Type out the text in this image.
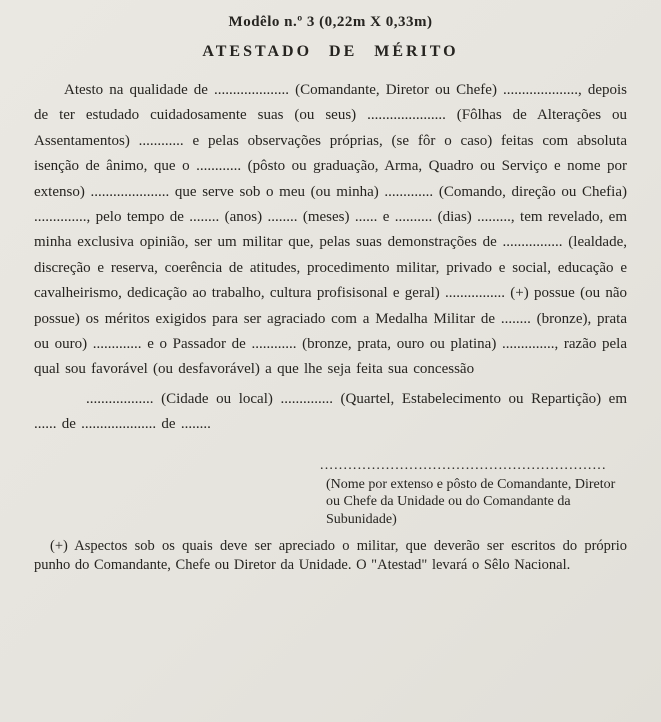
Modêlo n.º 3 (0,22m X 0,33m)
ATESTADO DE MÉRITO

Atesto na qualidade de .................... (Comandante, Diretor ou Chefe) ...................., depois de ter estudado cuidadosamente suas (ou seus) ..................... (Fôlhas de Alterações ou Assentamentos) ............ e pelas observações próprias, (se fôr o caso) feitas com absoluta isenção de ânimo, que o ............ (pôsto ou graduação, Arma, Quadro ou Serviço e nome por extenso) ..................... que serve sob o meu (ou minha) ............. (Comando, direção ou Chefia) .............., pelo tempo de ........ (anos) ........ (meses) ...... e .......... (dias) ........., tem revelado, em minha exclusiva opinião, ser um militar que, pelas suas demonstrações de ................ (lealdade, discreção e reserva, coerência de atitudes, procedimento militar, privado e social, educação e cavalheirismo, dedicação ao trabalho, cultura profisisonal e geral) ................ (+) possue (ou não possue) os méritos exigidos para ser agraciado com a Medalha Militar de ........ (bronze), prata ou ouro) ............. e o Passador de ............ (bronze, prata, ouro ou platina) .............., razão pela qual sou favorável (ou desfavorável) a que lhe seja feita sua concessão

.................. (Cidade ou local) .............. (Quartel, Estabelecimento ou Repartição) em ...... de .................... de ........

.............................................................
(Nome por extenso e pôsto de Comandante, Diretor ou Chefe da Unidade ou do Comandante da Subunidade)

(+) Aspectos sob os quais deve ser apreciado o militar, que deverão ser escritos do próprio punho do Comandante, Chefe ou Diretor da Unidade. O "Atestad" levará o Sêlo Nacional.
